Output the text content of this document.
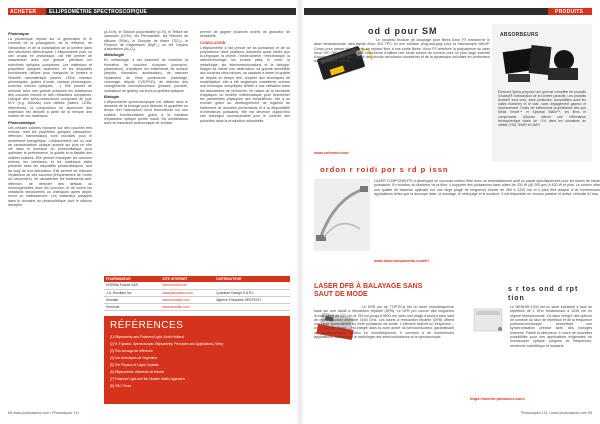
ACHETER	ELLIPSOMÉTRIE SPECTROSCOPIQUE	PRODUITS
Photonique

La photonique repose sur la génération et le contrôle de la propagation, de la réflexion, de l'absorption et de la polarisation de la lumière dans des structures diélectriques. L'ellipsométrie pour un rôle crucial en photonique, car elle permet de caractériser avec une grande précision les structures optiques complexes. Les matériaux et propriétés optiques avancées, et les dispositifs fonctionnels utilisés pour manipuler la lumière à l'échelle nanométrique (lasers, LEDs, réseaux photoniques, guides d'onde, cristaux photoniques, couches minces optiques, …). Elle permet de mesurer avec une grande précision les épaisseurs des couches minces et des refractions complexes. Lorsque des semi-conducteurs composés de type III-V (e.g. AlGaAs) sont utilisés (lasers, LEDs, détecteurs), la composition en aluminium des matériaux est déduite à partir de la mesure des indices de ces matériaux.

Photovoltaïque

Les cellules solaires reposent sur des couches très minces, dont les propriétés optiques (absorption, réflexion, transmission) sont cruciales pour le rendement énergétique. L'ellipsométrie est un outil de caractérisation optique avancé qui joue un rôle clé dans le domaine du photovoltaïque pour optimiser la performance, la qualité et la fiabilité des cellules solaires. Elle permet d'analyser les couches minces, les interfaces, et les matériaux actifs présents dans les dispositifs photovoltaïques, tout au long de leur fabrication. Elle permet de mesurer l'épaisseur de ces couches (fréquemment de l'ordre du nanomètre), de caractériser les traitements anti-réflexion, de détecter des défauts ou inhomogénéités dans les couches, et de suivre les variations structurelles ou chimiques après dépôt, recuit ou vieillissement. Les matériaux analysés dans le domaine du photovoltaïque sont le silicium amorphe

(a-Si:H), le Silicium polycristallin (p-Si), le Tellure de cadmium (CdTe), les Pérovskites, les Nitrures de silicium (SiNx), le Dioxyde de titane (TiO₂), le Fluorure de magnésium (MgF₂), ou les Oxydes d'aluminium (Al₂O₃).

Métallurgie

En métallurgie, il est essentiel de contrôler la formation de couches d'oxydes (corrosion, passivation), d'analyser les traitements de surface (dépôts, nitruration, anodisation), de mesurer l'épaisseur de films protecteurs (nickelage, chromage, dépôts CVD/PVD), de détecter des changements microstructuraux (phases, porosité, croissance de grains) via leurs propriétés optiques.

Biologie

L'ellipsométrie spectroscopique est utilisée dans le domaine de la biologie pour détecter et quantifier en temps réel l'adsorption d'une biomolécule sur une surface fonctionnalisée grâce à la variation d'épaisseur optique qu'elle induit. Sa combinaison avec la résonance plasmonique de surface

permet de gagner plusieurs ordres de grandeur de sensibilité.

CONCLUSION

L'ellipsométrie a fait preuve de sa puissance et de sa polyvalence dans plusieurs domaines aussi variés que la physique, la chimie, l'électrochimie, l'électronique, la nanotechnologie, les écrans plats, le verre, la métallurgie, les télécommunications et la biologie. Malgré sa nature non destructive, sa grande sensibilité aux couches ultra-minces, sa capacité à tester la qualité de dépôts en temps réel, couplée aux techniques de modélisation, elle a été longtemps considérée comme une technique compliquée limitée à une utilisation dans les laboratoires de recherche, en raison de la nécessité d'appliquer un modèle mathématique pour déterminer les paramètres physiques des échantillons, elle a su évoluer grâce au développement de logiciels de traitement de données performants et à la disponibilité d'ordinateurs puissants, elle est devenue aujourd'hui une technique incontournable pour le contrôle des procédés dans la production industrielle.

FOURNISSEUR	SITE INTERNET	DISTRIBUTEUR
HORIBA France SAS	www.horiba.com	
J.A. Woollam Inc.	www.jawoollam.com	Quantum Design S.A.R.L.
Semilab	www.semilab.com	Agence Française SENTECH
SemiLab	www.semilab.com	
RÉFÉRENCES
[1] Ellipsometry and Polarized Light, North Holland
[2] H. Fujiwara, Spectroscopic Ellipsometry, Principles and Applications, Wiley
[3] This ouvrage de référence
[4] Les techniques de l'ingénieur
[5] The Physics of Liquid Crystals
[6] Ellipsométrie, éléments de théorie
[7] Polarized Light and the Mueller Matrix Approach
[8] CRC Press
od d pour SM

Le nouveau module de couplage pour fibres Axon FS transforme le laser femtoseconde ultra-rapide Axon 920 TPC en une solution plug-and-play pour la microscopie Mini2P. Conçu pour passer d'une sortie en espace libre à une sortie fibrée, Axon FS amélioré la polyvalence du laser Axon 920 TPC permettant aux chercheurs d'utiliser une seule source de lumière pour un plus large éventail d'applications, telles que l'étude des circuits neuronaux complexes et de la dynamique cellulaire en profondeur dans les tissus vivants.

www.coherent.com
ordon r roidi por s rd p issn

LASER COMPONENTS a développé un nouveau cordon fibré avec un refroidissement actif ou passif spécifiquement pour les lasers de haute puissance. En fonction du diamètre de la fibre, il supporte des puissances laser allant de 200 W (@ 200 μm) à 430 W et plus. Le cordon offre une qualité de faisceau optimale sur une large plage de longueurs d'onde de 360 à 2200 nm et il peut être adapté à de nombreuses applications telles que la découpe laser, le soudage, le nettoyage et le soudure. Il est disponible en version passive et active, refroidie à l'eau.

www.lasercomponents.com/fr/
LASER DFB À BALAYAGE SANS SAUT DE MODE

Le DFB pro de TOPTICA est un laser monofréquence basé sur une diode à rétroaction répartie (DFB). Le DFB pro couvre des longueurs d'onde allant de 633 nm et 760 nm jusqu'à 3500 nm, avec une plage d'accord sans saut de mode pouvant atteindre 1600 GHz. Les lasers à rétroaction répartie (DFB) offrent une large accordabilité en forte puissance de sortie. L'élément sélectif en fréquence – un réseau de Bragg – est intégré dans la zone active du semiconducteur, garantissant un fonctionnement continu en monofréquence. Il convient à de nombreuses applications, notamment la métrologie des semiconducteurs et la spectroscopie.

s r tos ond d rpt tion

Le MENHIR-1030 est un laser industriel à taux de répétition de 1 GHz fonctionnant à 1030 nm en régime femtoseconde. Ce laser intègre des options de contrôle du taux de répétition et de la fréquence porteuse-enveloppe, permettant une synchronisation précise avec des horloges externes. Fiable et silencieux, il ouvre de nouvelles possibilités pour des applications exigeantes en microscopie optique, peignes de fréquences, recherche scientifique et industrie.

https://menhir-photonics.com/
ABSORBEURS

Edmund Optics propose une gamme complète de produits d'Acktar® d'absorption de la lumière parasite. Les produits Acktar® sont secs, sans particules, compatibles avec les salles blanches et le vide, sans dégagement gazeux ni durcissement. Dotés de traitements propriétaires tels que Metal Velvet™ et Spectral Black™, les films et composants d'Acktar offrent une réflectance hémisphérique totale de ~1% dans les domaines du visible (VIS), SWIR et LWIR.

68 www.photoniques.com • Photoniques 131	Photoniques 131 • www.photoniques.com 69
